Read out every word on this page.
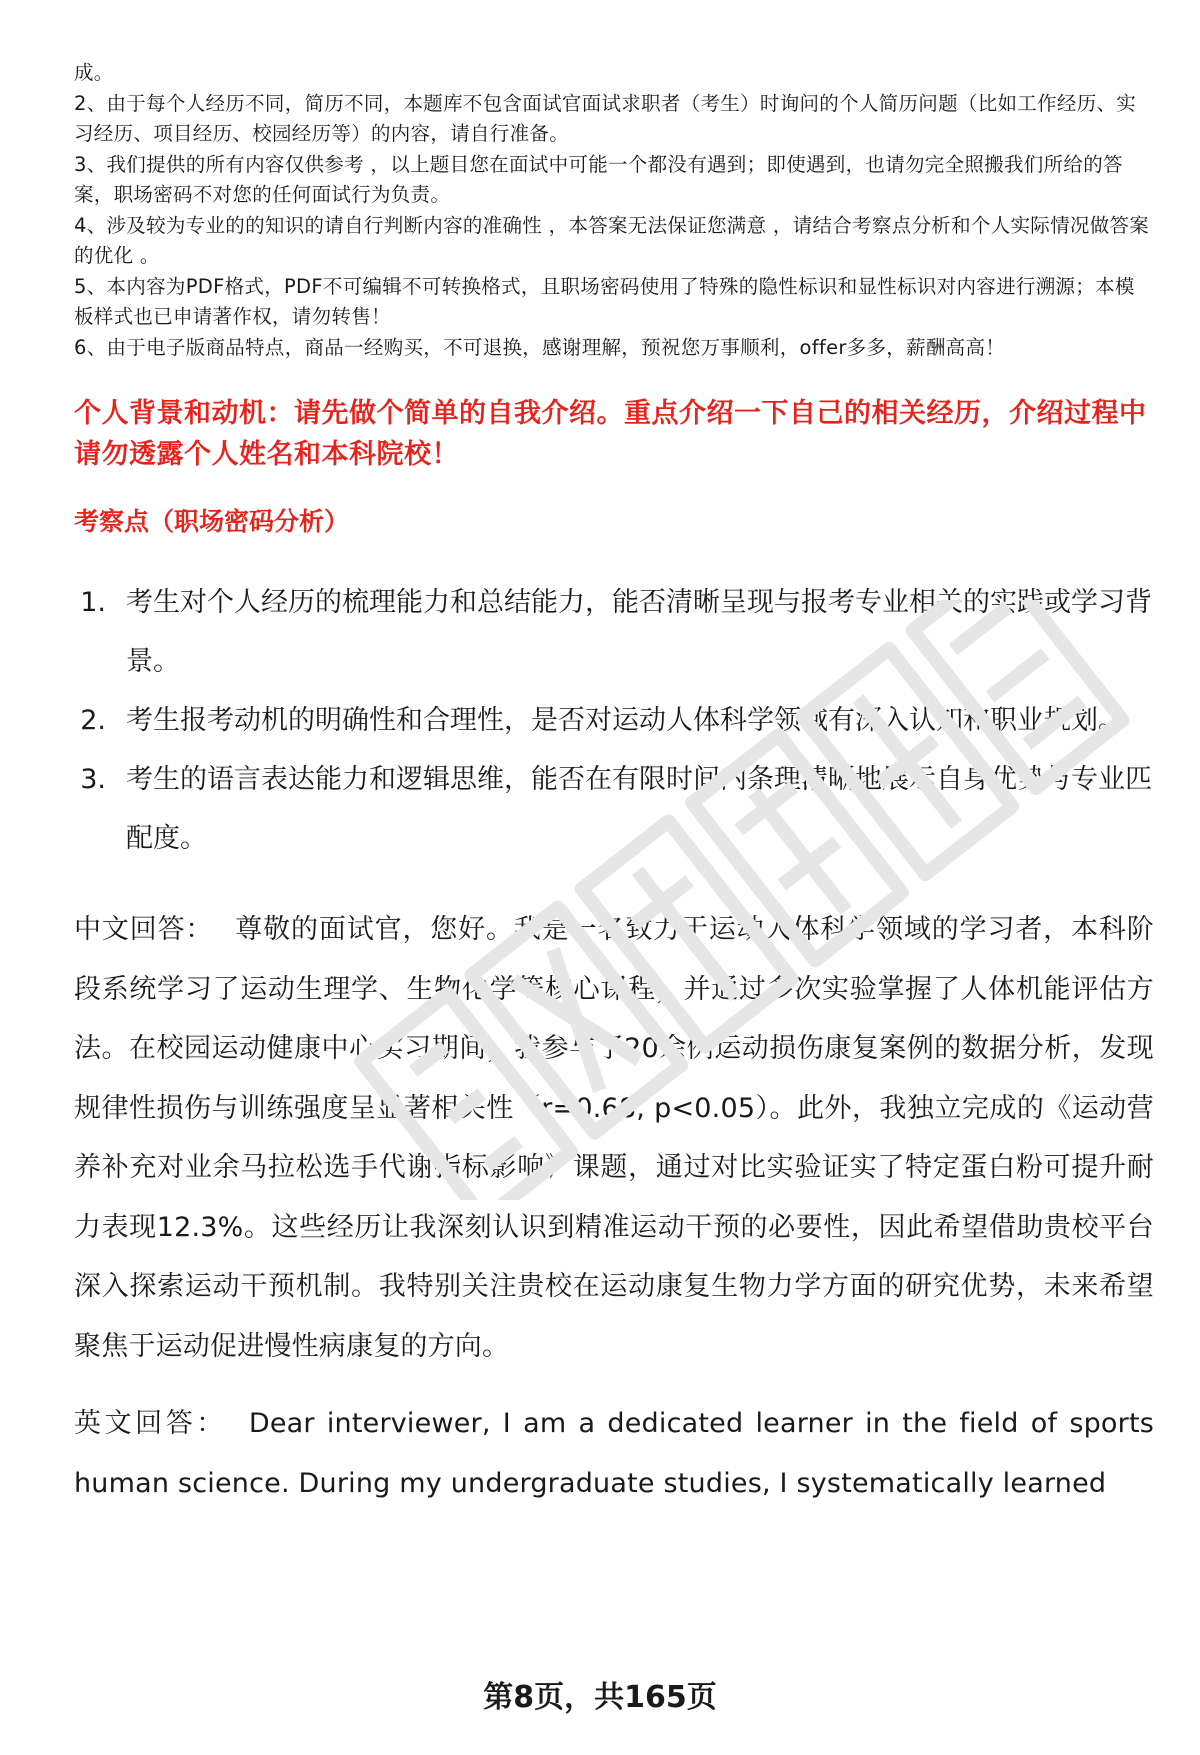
成。

2、由于每个人经历不同，简历不同，本题库不包含面试官面试求职者（考生）时询问的个人简历问题（比如工作经历、实习经历、项目经历、校园经历等）的内容，请自行准备。

3、我们提供的所有内容仅供参考 ，以上题目您在面试中可能一个都没有遇到；即使遇到，也请勿完全照搬我们所给的答案，职场密码不对您的任何面试行为负责。

4、涉及较为专业的的知识的请自行判断内容的准确性 ，本答案无法保证您满意 ，请结合考察点分析和个人实际情况做答案的优化 。

5、本内容为PDF格式，PDF不可编辑不可转换格式，且职场密码使用了特殊的隐性标识和显性标识对内容进行溯源；本模板样式也已申请著作权，请勿转售！

6、由于电子版商品特点，商品一经购买，不可退换，感谢理解，预祝您万事顺利，offer多多，薪酬高高！

个人背景和动机：请先做个简单的自我介绍。重点介绍一下自己的相关经历，介绍过程中请勿透露个人姓名和本科院校！
考察点（职场密码分析）
1. 考生对个人经历的梳理能力和总结能力，能否清晰呈现与报考专业相关的实践或学习背景。
2. 考生报考动机的明确性和合理性，是否对运动人体科学领域有深入认知和职业规划。
3. 考生的语言表达能力和逻辑思维，能否在有限时间内条理清晰地展示自身优势与专业匹配度。
中文回答： 尊敬的面试官，您好。我是一名致力于运动人体科学领域的学习者，本科阶段系统学习了运动生理学、生物化学等核心课程，并通过多次实验掌握了人体机能评估方法。在校园运动健康中心实习期间，我参与了20余例运动损伤康复案例的数据分析，发现规律性损伤与训练强度呈显著相关性（r=0.68, p<0.05）。此外，我独立完成的《运动营养补充对业余马拉松选手代谢指标影响》课题，通过对比实验证实了特定蛋白粉可提升耐力表现12.3%。这些经历让我深刻认识到精准运动干预的必要性，因此希望借助贵校平台深入探索运动干预机制。我特别关注贵校在运动康复生物力学方面的研究优势，未来希望聚焦于运动促进慢性病康复的方向。
英文回答： Dear interviewer, I am a dedicated learner in the field of sports human science. During my undergraduate studies, I systematically learned
第8页，共165页
